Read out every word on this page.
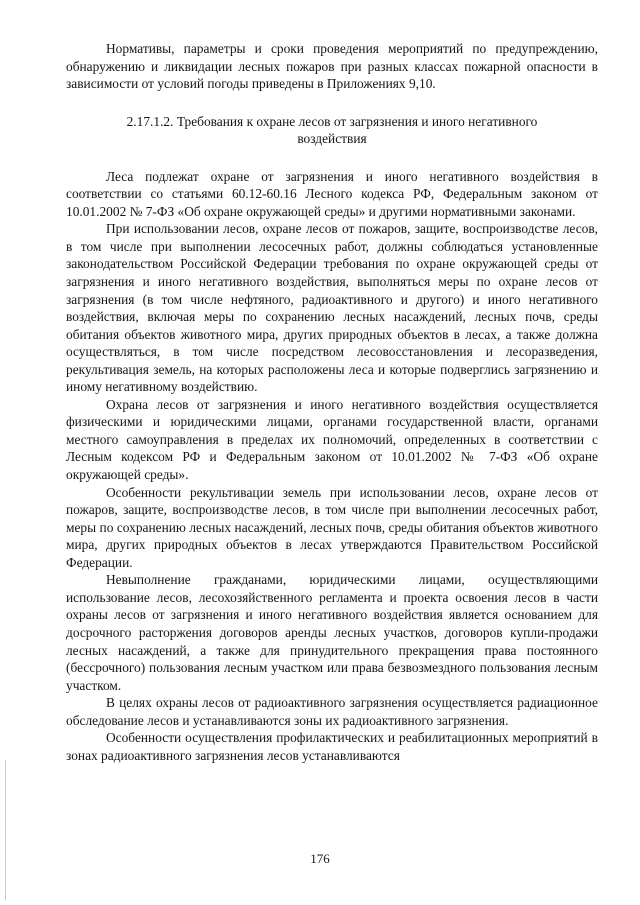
Нормативы, параметры и сроки проведения мероприятий по предупреждению, обнаружению и ликвидации лесных пожаров при разных классах пожарной опасности в зависимости от условий погоды приведены в Приложениях 9,10.

2.17.1.2. Требования к охране лесов от загрязнения и иного негативного воздействия

Леса подлежат охране от загрязнения и иного негативного воздействия в соответствии со статьями 60.12-60.16 Лесного кодекса РФ, Федеральным законом от 10.01.2002 № 7-ФЗ «Об охране окружающей среды» и другими нормативными законами.

При использовании лесов, охране лесов от пожаров, защите, воспроизводстве лесов, в том числе при выполнении лесосечных работ, должны соблюдаться установленные законодательством Российской Федерации требования по охране окружающей среды от загрязнения и иного негативного воздействия, выполняться меры по охране лесов от загрязнения (в том числе нефтяного, радиоактивного и другого) и иного негативного воздействия, включая меры по сохранению лесных насаждений, лесных почв, среды обитания объектов животного мира, других природных объектов в лесах, а также должна осуществляться, в том числе посредством лесовосстановления и лесоразведения, рекультивация земель, на которых расположены леса и которые подверглись загрязнению и иному негативному воздействию.

Охрана лесов от загрязнения и иного негативного воздействия осуществляется физическими и юридическими лицами, органами государственной власти, органами местного самоуправления в пределах их полномочий, определенных в соответствии с Лесным кодексом РФ и Федеральным законом от 10.01.2002 № 7-ФЗ «Об охране окружающей среды».

Особенности рекультивации земель при использовании лесов, охране лесов от пожаров, защите, воспроизводстве лесов, в том числе при выполнении лесосечных работ, меры по сохранению лесных насаждений, лесных почв, среды обитания объектов животного мира, других природных объектов в лесах утверждаются Правительством Российской Федерации.

Невыполнение гражданами, юридическими лицами, осуществляющими использование лесов, лесохозяйственного регламента и проекта освоения лесов в части охраны лесов от загрязнения и иного негативного воздействия является основанием для досрочного расторжения договоров аренды лесных участков, договоров купли-продажи лесных насаждений, а также для принудительного прекращения права постоянного (бессрочного) пользования лесным участком или права безвозмездного пользования лесным участком.

В целях охраны лесов от радиоактивного загрязнения осуществляется радиационное обследование лесов и устанавливаются зоны их радиоактивного загрязнения.

Особенности осуществления профилактических и реабилитационных мероприятий в зонах радиоактивного загрязнения лесов устанавливаются

176
